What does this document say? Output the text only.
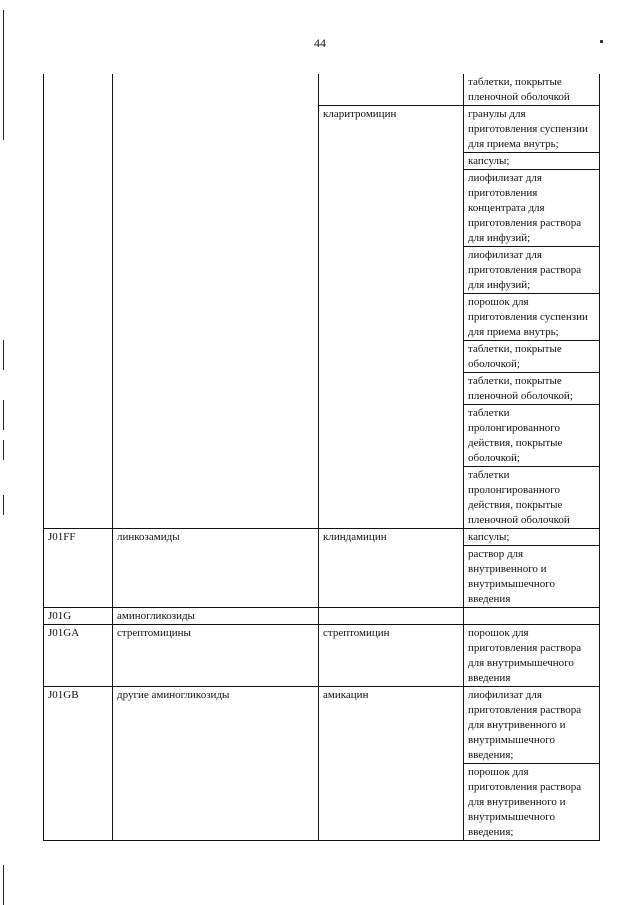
44

			таблетки, покрытые
пленочной оболочкой

		кларитромицин	гранулы для
приготовления суспензии
для приема внутрь;

			капсулы;

			лиофилизат для
приготовления
концентрата для
приготовления раствора
для инфузий;

			лиофилизат для
приготовления раствора
для инфузий;

			порошок для
приготовления суспензии
для приема внутрь;

			таблетки, покрытые
оболочкой;

			таблетки, покрытые
пленочной оболочкой;

			таблетки
пролонгированного
действия, покрытые
оболочкой;

			таблетки
пролонгированного
действия, покрытые
пленочной оболочкой

J01FF	линкозамиды	клиндамицин	капсулы;

			раствор для
внутривенного и
внутримышечного
введения

J01G	аминогликозиды		

J01GA	стрептомицины	стрептомицин	порошок для
приготовления раствора
для внутримышечного
введения

J01GB	другие аминогликозиды	амикацин	лиофилизат для
приготовления раствора
для внутривенного и
внутримышечного
введения;

			порошок для
приготовления раствора
для внутривенного и
внутримышечного
введения;
